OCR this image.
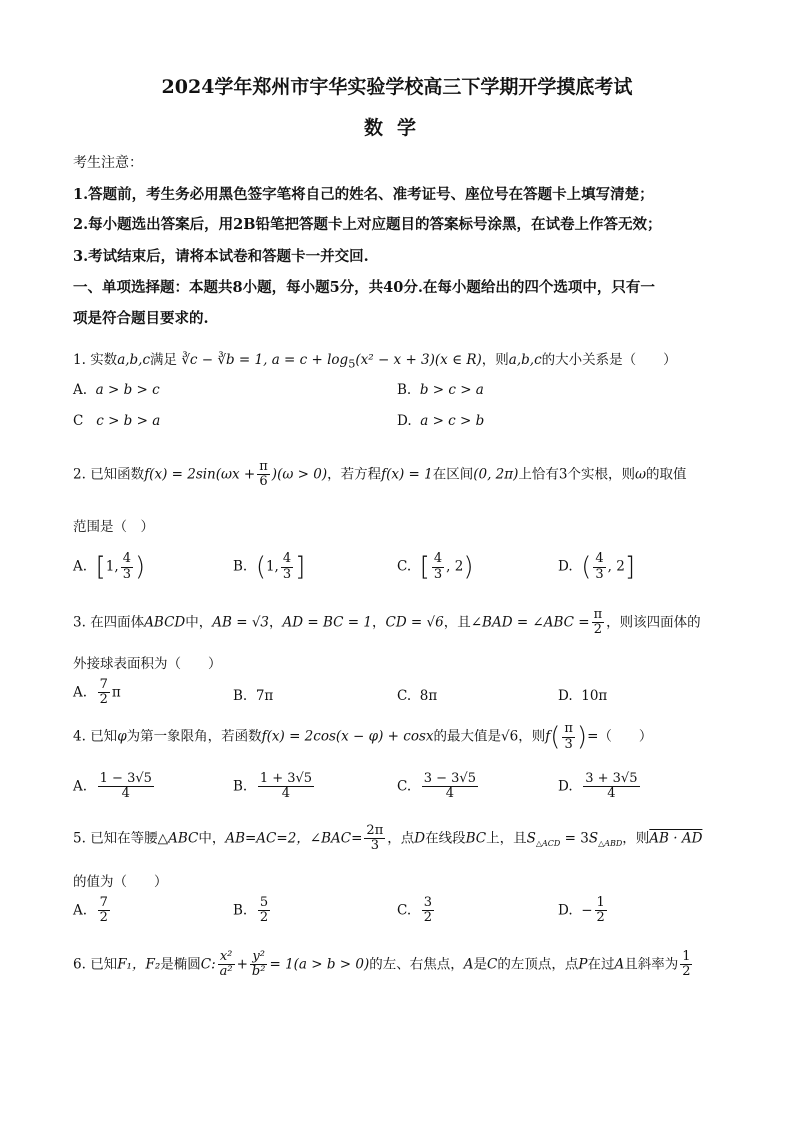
2024学年郑州市宇华实验学校高三下学期开学摸底考试
数学
考生注意：
1.答题前，考生务必用黑色签字笔将自己的姓名、准考证号、座位号在答题卡上填写清楚；
2.每小题选出答案后，用2B铅笔把答题卡上对应题目的答案标号涂黑，在试卷上作答无效；
3.考试结束后，请将本试卷和答题卡一并交回.
一、单项选择题：本题共8小题，每小题5分，共40分.在每小题给出的四个选项中，只有一
项是符合题目要求的.
1. 实数a,b,c满足 ∛c − ∛b = 1, $a = c + \log_5(x^2 - x + 3)(x$ ∈ R)，则a,b,c的大小关系是（　　）
A. a > b > c	B. b > c > a
C c > b > a	D. a > c > b
2. 已知函数$f(x) = 2\sin(\omega x + \frac{\pi}{6} )(\omega > 0)$，若方程f(x) = 1在区间(0, 2π)上恰有3个实根，则ω的取值
范围是（　）
A. [1, $\frac{4}{3}$ )	B. (1, $\frac{4}{3}$ ]	C. [ $\frac{4}{3}$ , 2)	D. ( $\frac{4}{3}$ , 2]
3. 在四面体ABCD中，AB = √3，AD = BC = 1，CD = √6，且∠BAD = ∠ABC = $\frac{\pi}{2}$ ，则该四面体的
外接球表面积为（　　）
A. $\frac{7}{2}$ π	B. 7π	C. 8π	D. 10π
4. 已知φ为第一象限角，若函数f(x) = 2cos(x − φ) + cosx的最大值是√6，则$f( \frac{\pi}{3}$ )=（　　）
A. $\frac{1 - 3√5}{4}$	B. $\frac{1 + 3√5}{4}$	C. $\frac{3 - 3√5}{4}$	D. $\frac{3 + 3√5}{4}$
5. 已知在等腰△ABC中，AB=AC=2，∠BAC= $\frac{2\pi}{3}$ ，点D在线段BC上，且$S_{\triangle ACD} = 3S_{\triangle ABD}$，则AB · AD
的值为（　　）
A. $\frac{7}{2}$	B. $\frac{5}{2}$	C. $\frac{3}{2}$	D. − $\frac{1}{2}$
6. 已知F₁，F₂是椭圆C: $\frac{\text{x²}}{\text{a²}} + \frac{\text{y²}}{\text{b²}} = 1(a > b > 0)$的左、右焦点，A是C的左顶点，点P在过A且斜率为 $\frac{1}{2}$
